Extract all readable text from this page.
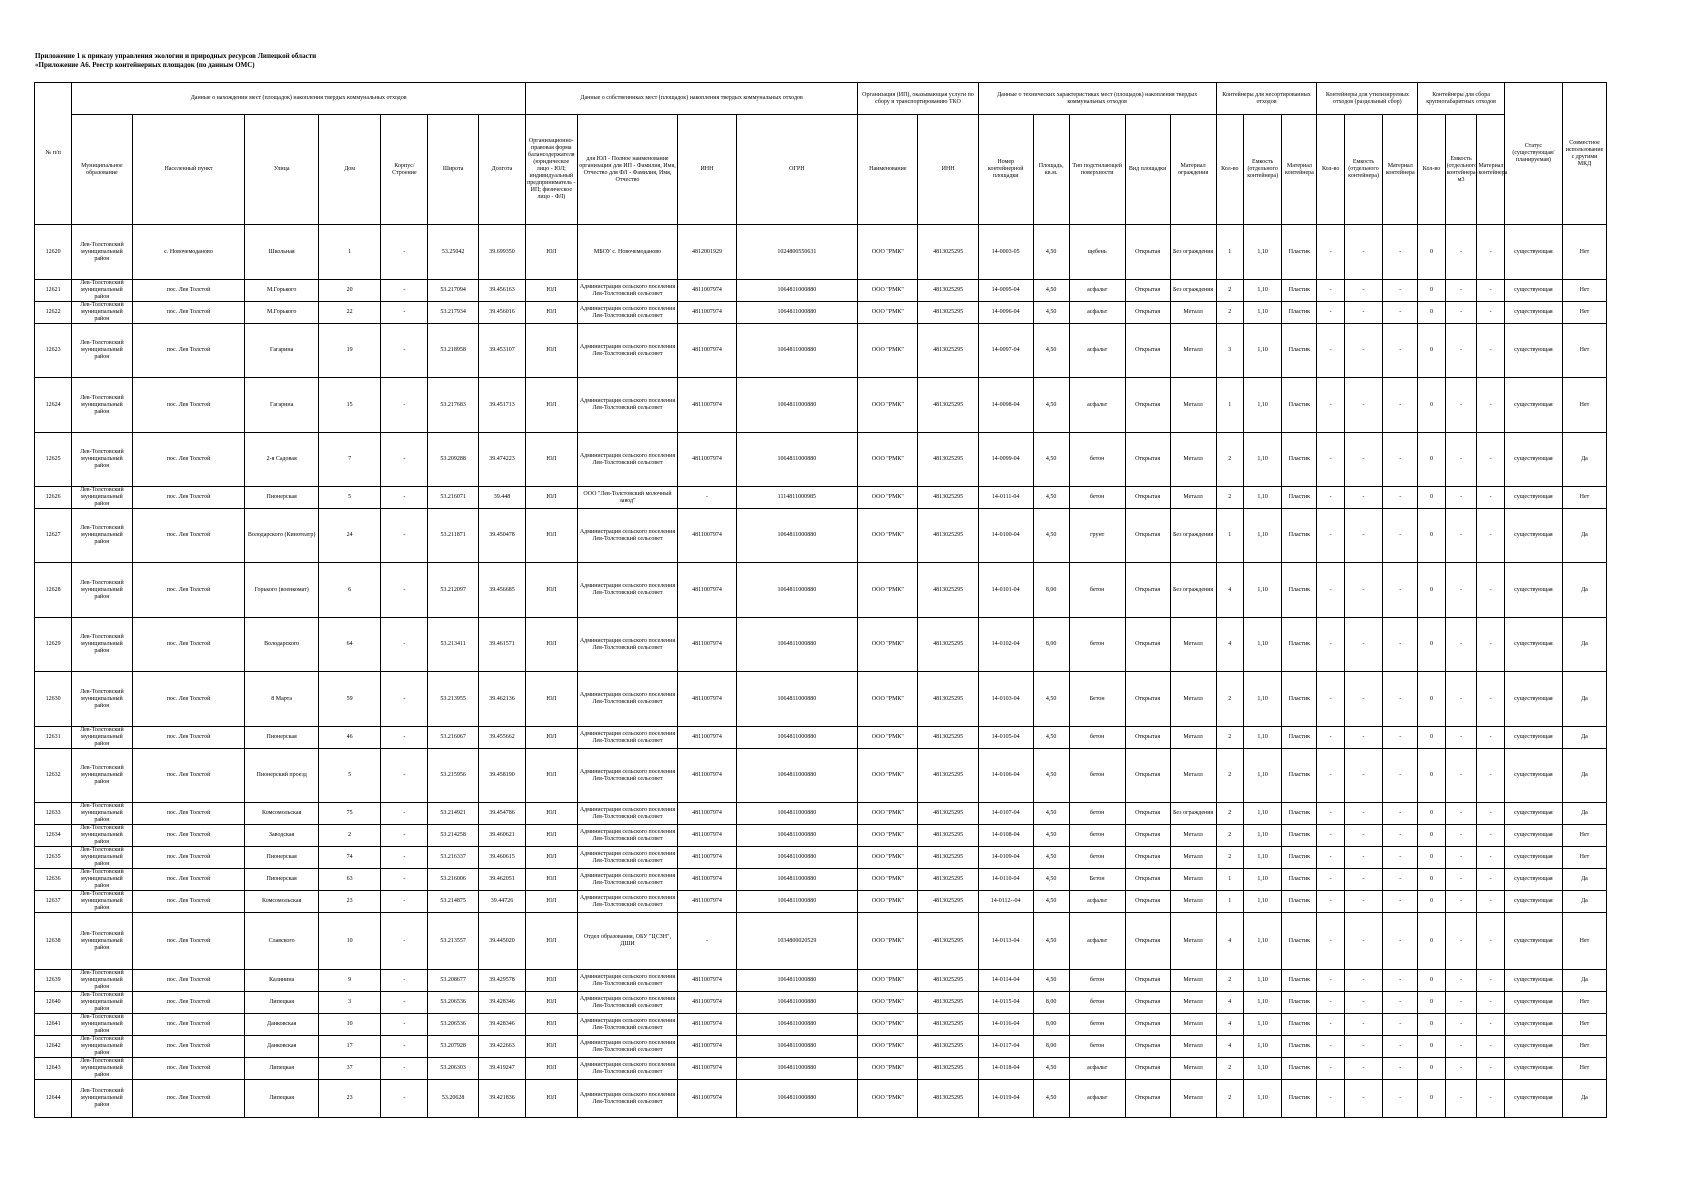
Приложение 1 к приказу управления экологии и природных ресурсов Липецкой области
«Приложение А6. Реестр контейнерных площадок (по данным ОМС)
№ п/п	Данные о нахождении мест (площадок) накопления твердых коммунальных отходов							Данные о собственниках мест (площадок) накопления твердых коммунальных отходов				Организация (ИП), оказывающая услуги по сбору и транспортированию ТКО		Данные о технических характеристиках мест (площадок) накопления твердых коммунальных отходов					Контейнеры для несортированных отходов			Контейнеры для утилизируемых отходов (раздельный сбор)			Контейнеры для сбора крупногабаритных отходов			Статус (существующая/ планируемая)	Совместное использование с другими МКД
	Муниципальное образование	Населенный пункт	Улица	Дом	Корпус/Строение	Широта	Долгота	Организационно-правовая форма балансодержателя (юридическое лицо - ЮЛ; индивидуальный предприниматель - ИП; физическое лицо - ФЛ)	для ЮЛ - Полное наименование организации для ИП - Фамилия, Имя, Отчество для ФЛ - Фамилия, Имя, Отчество	ИНН	ОГРН	Наименование	ИНН	Номер контейнерной площадки	Площадь, кв.м.	Тип подстилающей поверхности	Вид площадки	Материал ограждения	Кол-во	Емкость (отдельного контейнера)	Материал контейнера	Кол-во	Емкость (отдельного контейнера)	Материал контейнера	Кол-во	Емкость (отдельного контейнера) м3	Материал контейнера		
12620	Лев-Толстовский муниципальный район	с. Новочемоданово	Школьная	1	-	53.25042	39.699350	ЮЛ	МБОУ с. Новочемоданово	4812001929	1024800550631	ООО "РМК"	4813025295	14-0003-05	4,50	щебень	Открытая	Без ограждения	1	1,10	Пластик	-	-	-	0	-	-	существующая	Нет
12621	Лев-Толстовский муниципальный район	пос. Лев Толстой	М.Горького	20	-	53.217094	39.456163	ЮЛ	Администрация сельского поселения Лев-Толстовский сельсовет	4811007974	1064811000880	ООО "РМК"	4813025295	14-0095-04	4,50	асфальт	Открытая	Без ограждения	2	1,10	Пластик	-	-	-	0	-	-	существующая	Нет
12622	Лев-Толстовский муниципальный район	пос. Лев Толстой	М.Горького	22	-	53.217934	39.456016	ЮЛ	Администрация сельского поселения Лев-Толстовский сельсовет	4811007974	1064811000880	ООО "РМК"	4813025295	14-0096-04	4,50	асфальт	Открытая	Металл	2	1,10	Пластик	-	-	-	0	-	-	существующая	Нет
12623	Лев-Толстовский муниципальный район	пос. Лев Толстой	Гагарина	19	-	53.218958	39.453107	ЮЛ	Администрация сельского поселения Лев-Толстовский сельсовет	4811007974	1064811000880	ООО "РМК"	4813025295	14-0097-04	4,50	асфальт	Открытая	Металл	3	1,10	Пластик	-	-	-	0	-	-	существующая	Нет
12624	Лев-Толстовский муниципальный район	пос. Лев Толстой	Гагарина	15	-	53.217683	39.451713	ЮЛ	Администрация сельского поселения Лев-Толстовский сельсовет	4811007974	1064811000880	ООО "РМК"	4813025295	14-0098-04	4,50	асфальт	Открытая	Металл	1	1,10	Пластик	-	-	-	0	-	-	существующая	Нет
12625	Лев-Толстовский муниципальный район	пос. Лев Толстой	2-я Садовая	7	-	53.209288	39.474223	ЮЛ	Администрация сельского поселения Лев-Толстовский сельсовет	4811007974	1064811000880	ООО "РМК"	4813025295	14-0099-04	4,50	бетон	Открытая	Металл	2	1,10	Пластик	-	-	-	0	-	-	существующая	Да
12626	Лев-Толстовский муниципальный район	пос. Лев Толстой	Пионерская	5	-	53.216071	39.448	ЮЛ	ООО "Лев-Толстовский молочный завод"	-	1114811000985	ООО "РМК"	4813025295	14-0111-04	4,50	бетон	Открытая	Металл	2	1,10	Пластик	-	-	-	0	-	-	существующая	Нет
12627	Лев-Толстовский муниципальный район	пос. Лев Толстой	Володарского (Кинотеатр)	24	-	53.211871	39.450478	ЮЛ	Администрация сельского поселения Лев-Толстовский сельсовет	4811007974	1064811000880	ООО "РМК"	4813025295	14-0100-04	4,50	грунт	Открытая	Без ограждения	1	1,10	Пластик	-	-	-	0	-	-	существующая	Да
12628	Лев-Толстовский муниципальный район	пос. Лев Толстой	Горького (военкомат)	6	-	53.212097	39.456685	ЮЛ	Администрация сельского поселения Лев-Толстовский сельсовет	4811007974	1064811000880	ООО "РМК"	4813025295	14-0101-04	8,00	бетон	Открытая	Без ограждения	4	1,10	Пластик	-	-	-	0	-	-	существующая	Да
12629	Лев-Толстовский муниципальный район	пос. Лев Толстой	Володарского	64	-	53.213411	39.461571	ЮЛ	Администрация сельского поселения Лев-Толстовский сельсовет	4811007974	1064811000880	ООО "РМК"	4813025295	14-0102-04	8,00	бетон	Открытая	Металл	4	1,10	Пластик	-	-	-	0	-	-	существующая	Да
12630	Лев-Толстовский муниципальный район	пос. Лев Толстой	8 Марта	59	-	53.213955	39.462136	ЮЛ	Администрация сельского поселения Лев-Толстовский сельсовет	4811007974	1064811000880	ООО "РМК"	4813025295	14-0103-04	4,50	Бетон	Открытая	Металл	2	1,10	Пластик	-	-	-	0	-	-	существующая	Да
12631	Лев-Толстовский муниципальный район	пос. Лев Толстой	Пионерская	46	-	53.216067	39.455662	ЮЛ	Администрация сельского поселения Лев-Толстовский сельсовет	4811007974	1064811000880	ООО "РМК"	4813025295	14-0105-04	4,50	бетон	Открытая	Металл	2	1,10	Пластик	-	-	-	0	-	-	существующая	Да
12632	Лев-Толстовский муниципальный район	пос. Лев Толстой	Пионерский проезд	5	-	53.215956	39.458190	ЮЛ	Администрация сельского поселения Лев-Толстовский сельсовет	4811007974	1064811000880	ООО "РМК"	4813025295	14-0106-04	4,50	бетон	Открытая	Металл	2	1,10	Пластик	-	-	-	0	-	-	существующая	Да
12633	Лев-Толстовский муниципальный район	пос. Лев Толстой	Комсомольская	75	-	53.214921	39.454786	ЮЛ	Администрация сельского поселения Лев-Толстовский сельсовет	4811007974	1064811000880	ООО "РМК"	4813025295	14-0107-04	4,50	бетон	Открытая	Без ограждения	2	1,10	Пластик	-	-	-	0	-	-	существующая	Да
12634	Лев-Толстовский муниципальный район	пос. Лев Толстой	Заводская	2	-	53.214258	39.460621	ЮЛ	Администрация сельского поселения Лев-Толстовский сельсовет	4811007974	1064811000880	ООО "РМК"	4813025295	14-0108-04	4,50	бетон	Открытая	Металл	2	1,10	Пластик	-	-	-	0	-	-	существующая	Нет
12635	Лев-Толстовский муниципальный район	пос. Лев Толстой	Пионерская	74	-	53.216337	39.460615	ЮЛ	Администрация сельского поселения Лев-Толстовский сельсовет	4811007974	1064811000880	ООО "РМК"	4813025295	14-0109-04	4,50	бетон	Открытая	Металл	2	1,10	Пластик	-	-	-	0	-	-	существующая	Нет
12636	Лев-Толстовский муниципальный район	пос. Лев Толстой	Пионерская	63	-	53.216006	39.462051	ЮЛ	Администрация сельского поселения Лев-Толстовский сельсовет	4811007974	1064811000880	ООО "РМК"	4813025295	14-0110-04	4,50	Бетон	Открытая	Металл	1	1,10	Пластик	-	-	-	0	-	-	существующая	Да
12637	Лев-Толстовский муниципальный район	пос. Лев Толстой	Комсомольская	23	-	53.214875	39.44726	ЮЛ	Администрация сельского поселения Лев-Толстовский сельсовет	4811007974	1064811000880	ООО "РМК"	4813025295	14-0112--04	4,50	асфальт	Открытая	Металл	1	1,10	Пластик	-	-	-	0	-	-	существующая	Да
12638	Лев-Толстовский муниципальный район	пос. Лев Толстой	Славского	10	-	53.213557	39.445020	ЮЛ	Отдел образования, ОБУ "ЦСЗН", ДШИ	-	1034800020529	ООО "РМК"	4813025295	14-0113-04	4,50	асфальт	Открытая	Металл	4	1,10	Пластик	-	-	-	0	-	-	существующая	Нет
12639	Лев-Толстовский муниципальный район	пос. Лев Толстой	Калинина	9	-	53.208677	39.429578	ЮЛ	Администрация сельского поселения Лев-Толстовский сельсовет	4811007974	1064811000880	ООО "РМК"	4813025295	14-0114-04	4,50	бетон	Открытая	Металл	2	1,10	Пластик	-	-	-	0	-	-	существующая	Да
12640	Лев-Толстовский муниципальный район	пос. Лев Толстой	Липецкая	3	-	53.206536	39.428346	ЮЛ	Администрация сельского поселения Лев-Толстовский сельсовет	4811007974	1064811000880	ООО "РМК"	4813025295	14-0115-04	8,00	бетон	Открытая	Металл	4	1,10	Пластик	-	-	-	0	-	-	существующая	Нет
12641	Лев-Толстовский муниципальный район	пос. Лев Толстой	Данковская	10	-	53.206536	39.428346	ЮЛ	Администрация сельского поселения Лев-Толстовский сельсовет	4811007974	1064811000880	ООО "РМК"	4813025295	14-0116-04	8,00	бетон	Открытая	Металл	4	1,10	Пластик	-	-	-	0	-	-	существующая	Нет
12642	Лев-Толстовский муниципальный район	пос. Лев Толстой	Данковская	17	-	53.207928	39.422663	ЮЛ	Администрация сельского поселения Лев-Толстовский сельсовет	4811007974	1064811000880	ООО "РМК"	4813025295	14-0117-04	8,00	бетон	Открытая	Металл	4	1,10	Пластик	-	-	-	0	-	-	существующая	Нет
12643	Лев-Толстовский муниципальный район	пос. Лев Толстой	Липецкая	37	-	53.206303	39.419247	ЮЛ	Администрация сельского поселения Лев-Толстовский сельсовет	4811007974	1064811000880	ООО "РМК"	4813025295	14-0118-04	4,50	асфальт	Открытая	Металл	2	1,10	Пластик	-	-	-	0	-	-	существующая	Нет
12644	Лев-Толстовский муниципальный район	пос. Лев Толстой	Липецкая	23	-	53.20628	39.421836	ЮЛ	Администрация сельского поселения Лев-Толстовский сельсовет	4811007974	1064811000880	ООО "РМК"	4813025295	14-0119-04	4,50	асфальт	Открытая	Металл	2	1,10	Пластик	-	-	-	0	-	-	существующая	Да
